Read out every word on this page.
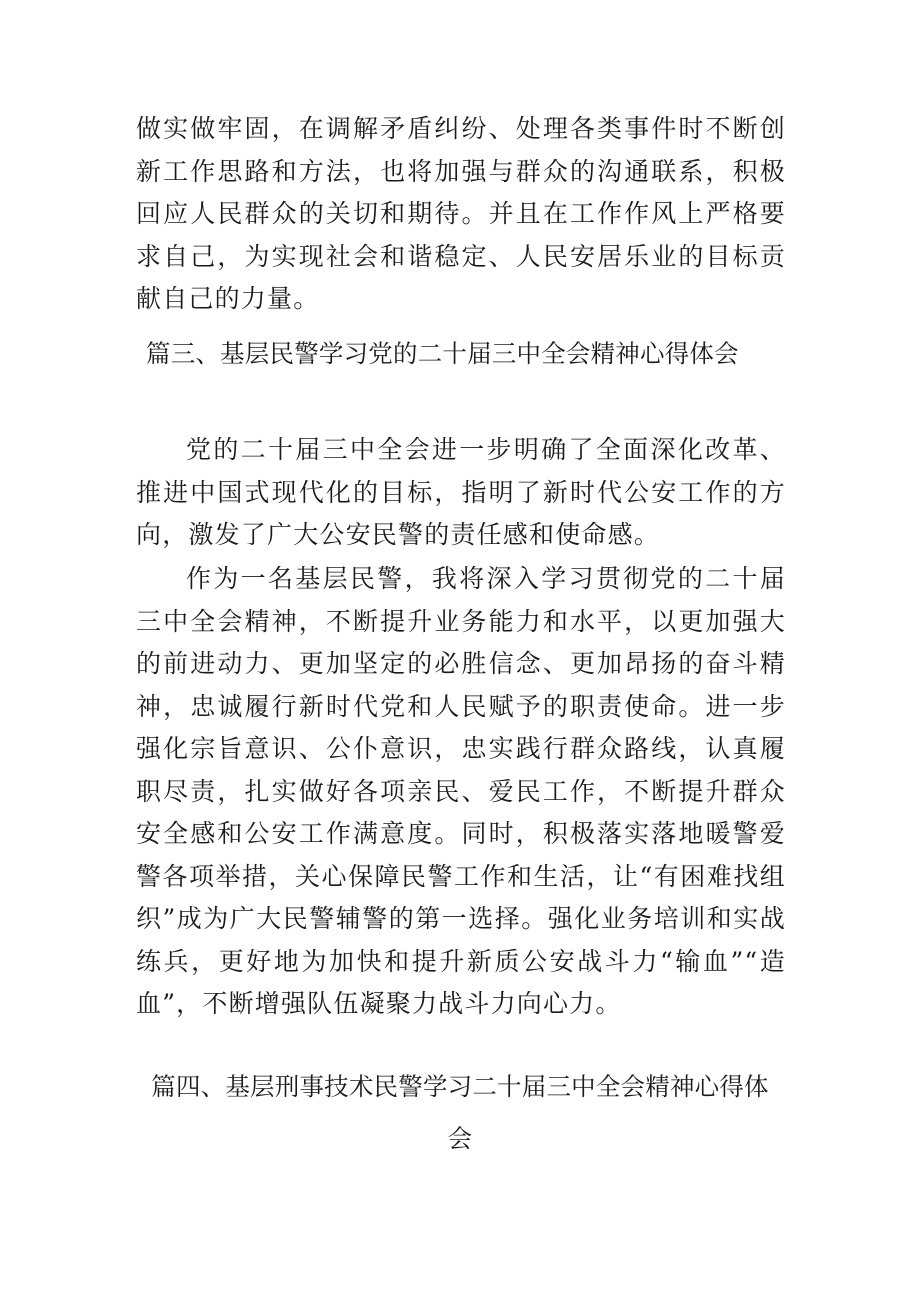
做实做牢固，在调解矛盾纠纷、处理各类事件时不断创新工作思路和方法，也将加强与群众的沟通联系，积极回应人民群众的关切和期待。并且在工作作风上严格要求自己，为实现社会和谐稳定、人民安居乐业的目标贡献自己的力量。

篇三、基层民警学习党的二十届三中全会精神心得体会

党的二十届三中全会进一步明确了全面深化改革、推进中国式现代化的目标，指明了新时代公安工作的方向，激发了广大公安民警的责任感和使命感。

作为一名基层民警，我将深入学习贯彻党的二十届三中全会精神，不断提升业务能力和水平，以更加强大的前进动力、更加坚定的必胜信念、更加昂扬的奋斗精神，忠诚履行新时代党和人民赋予的职责使命。进一步强化宗旨意识、公仆意识，忠实践行群众路线，认真履职尽责，扎实做好各项亲民、爱民工作，不断提升群众安全感和公安工作满意度。同时，积极落实落地暖警爱警各项举措，关心保障民警工作和生活，让“有困难找组织”成为广大民警辅警的第一选择。强化业务培训和实战练兵，更好地为加快和提升新质公安战斗力“输血”“造血”，不断增强队伍凝聚力战斗力向心力。

篇四、基层刑事技术民警学习二十届三中全会精神心得体会
